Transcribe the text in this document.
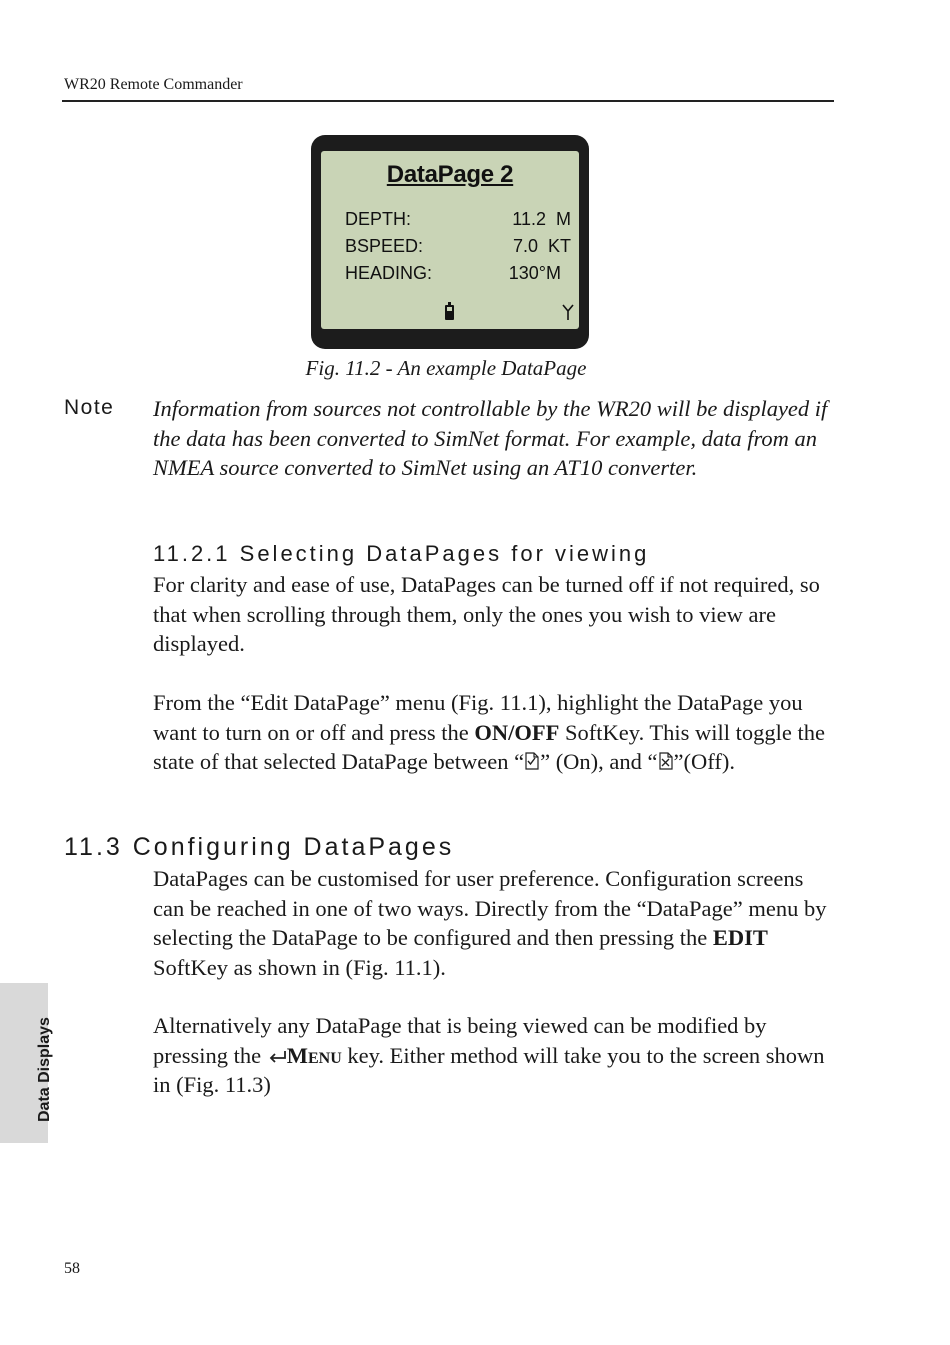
WR20 Remote Commander
DataPage 2
DEPTH:	11.2  M
BSPEED:	7.0  KT
HEADING:	130°M
Fig. 11.2 - An example DataPage
Note Information from sources not controllable by the WR20 will be displayed if the data has been converted to SimNet format. For example, data from an NMEA source converted to SimNet using an AT10 converter.

11.2.1 Selecting DataPages for viewing

For clarity and ease of use, DataPages can be turned off if not required, so that when scrolling through them, only the ones you wish to view are displayed.

From the “Edit DataPage” menu (Fig. 11.1), highlight the DataPage you want to turn on or off and press the ON/OFF SoftKey. This will toggle the state of that selected DataPage between “ ” (On), and “ ”(Off).

11.3 Configuring DataPages

DataPages can be customised for user preference. Configuration screens can be reached in one of two ways. Directly from the “DataPage” menu by selecting the DataPage to be configured and then pressing the EDIT SoftKey as shown in (Fig. 11.1).

Alternatively any DataPage that is being viewed can be modified by pressing the Menu key. Either method will take you to the screen shown in (Fig. 11.3)

Data Displays
58
